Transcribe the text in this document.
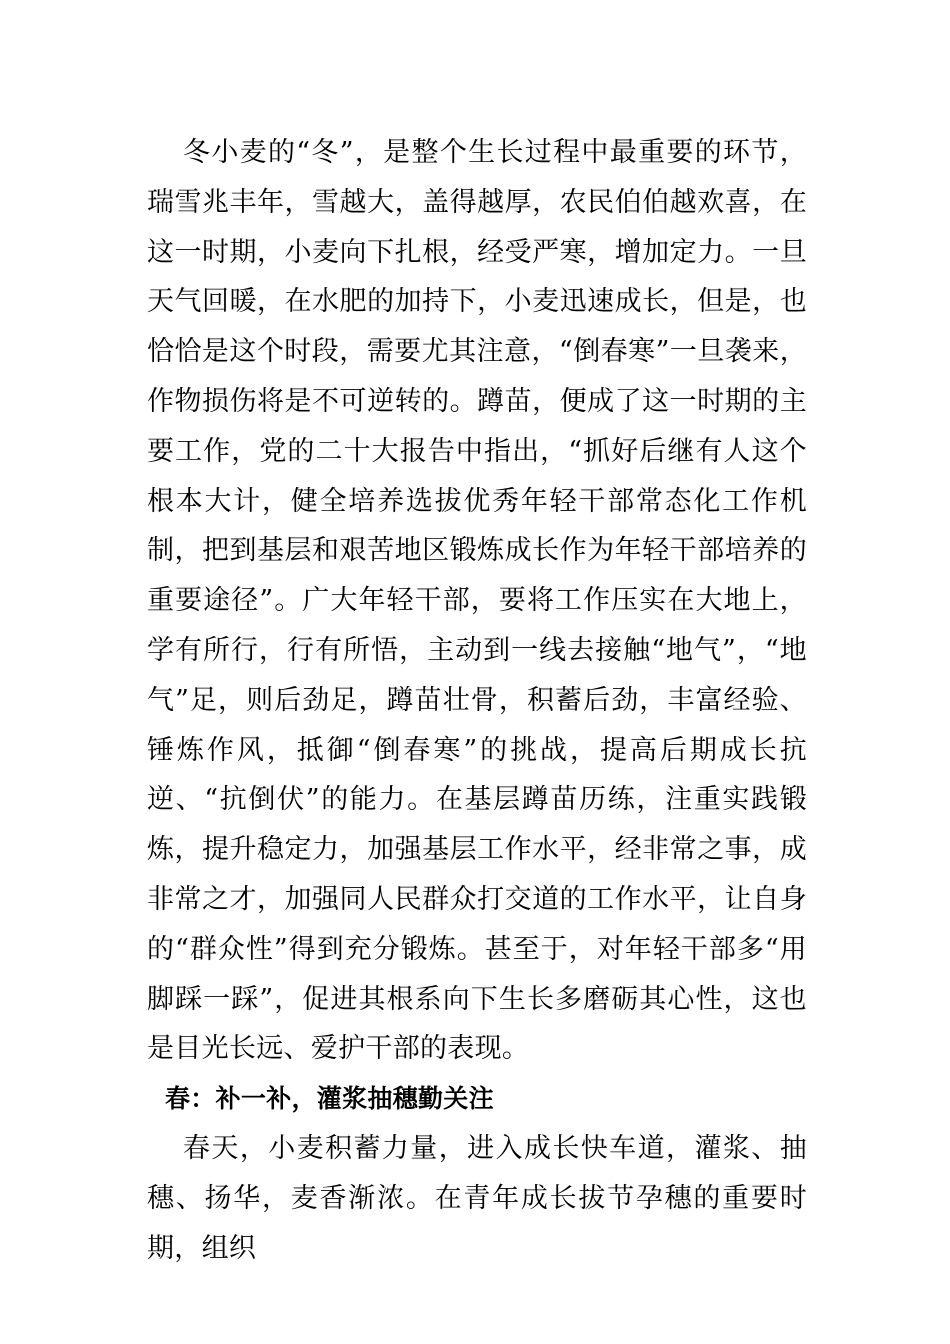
冬小麦的“冬”，是整个生长过程中最重要的环节，瑞雪兆丰年，雪越大，盖得越厚，农民伯伯越欢喜，在这一时期，小麦向下扎根，经受严寒，增加定力。一旦天气回暖，在水肥的加持下，小麦迅速成长，但是，也恰恰是这个时段，需要尤其注意，“倒春寒”一旦袭来，作物损伤将是不可逆转的。蹲苗，便成了这一时期的主要工作，党的二十大报告中指出，“抓好后继有人这个根本大计，健全培养选拔优秀年轻干部常态化工作机制，把到基层和艰苦地区锻炼成长作为年轻干部培养的重要途径”。广大年轻干部，要将工作压实在大地上，学有所行，行有所悟，主动到一线去接触“地气”，“地气”足，则后劲足，蹲苗壮骨，积蓄后劲，丰富经验、锤炼作风，抵御“倒春寒”的挑战，提高后期成长抗逆、“抗倒伏”的能力。在基层蹲苗历练，注重实践锻炼，提升稳定力，加强基层工作水平，经非常之事，成非常之才，加强同人民群众打交道的工作水平，让自身的“群众性”得到充分锻炼。甚至于，对年轻干部多“用脚踩一踩”，促进其根系向下生长多磨砺其心性，这也是目光长远、爱护干部的表现。

春：补一补，灌浆抽穗勤关注

春天，小麦积蓄力量，进入成长快车道，灌浆、抽穗、扬华，麦香渐浓。在青年成长拔节孕穗的重要时期，组织
